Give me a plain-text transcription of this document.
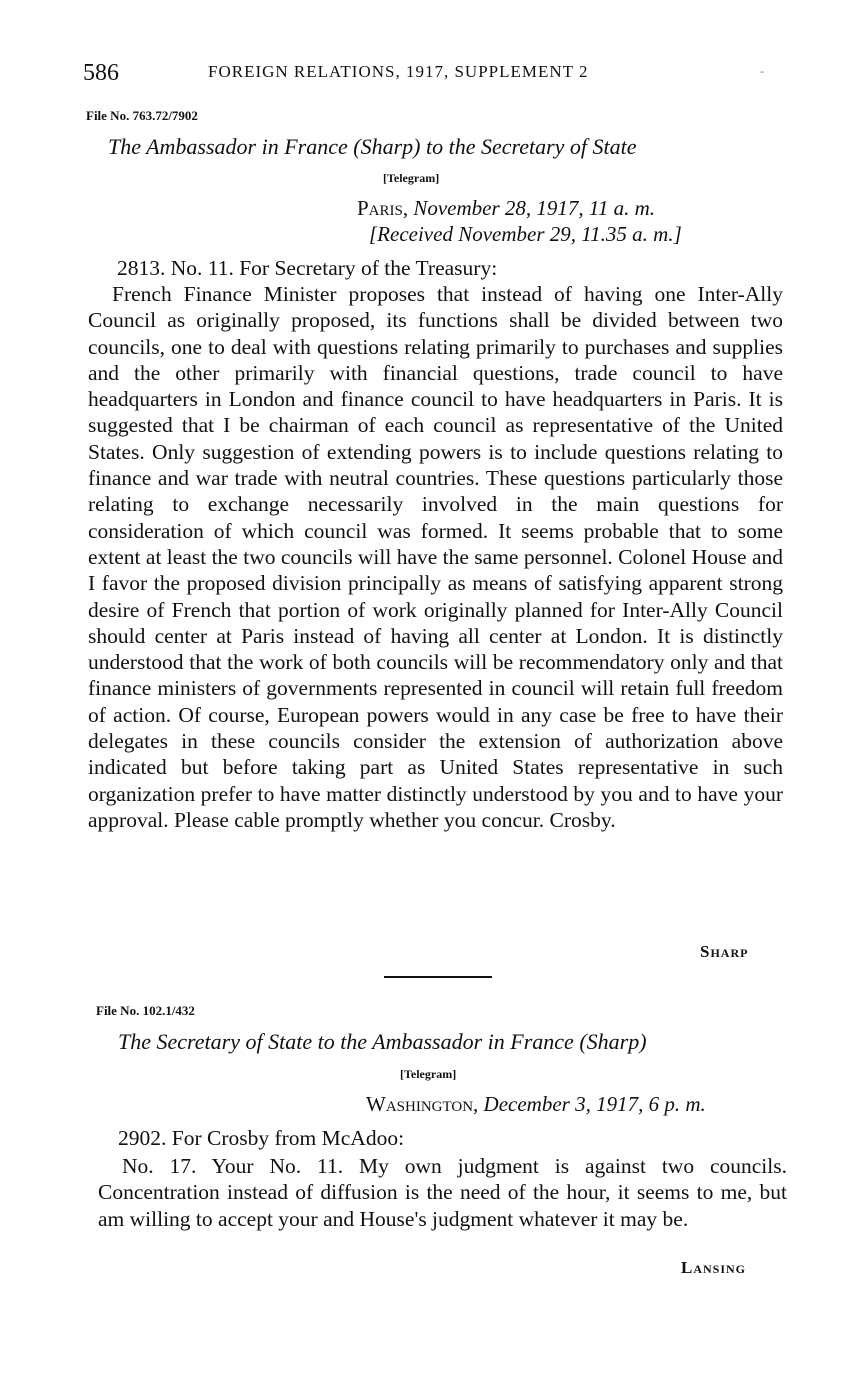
586	FOREIGN RELATIONS, 1917, SUPPLEMENT 2	-
File No. 763.72/7902
The Ambassador in France (Sharp) to the Secretary of State
[Telegram]
Paris, November 28, 1917, 11 a. m.
[Received November 29, 11.35 a. m.]
2813. No. 11. For Secretary of the Treasury:

French Finance Minister proposes that instead of having one Inter-Ally Council as originally proposed, its functions shall be divided between two councils, one to deal with questions relating primarily to purchases and supplies and the other primarily with financial questions, trade council to have headquarters in London and finance council to have headquarters in Paris. It is suggested that I be chairman of each council as representative of the United States. Only suggestion of extending powers is to include questions relating to finance and war trade with neutral countries. These questions particularly those relating to exchange necessarily involved in the main questions for consideration of which council was formed. It seems probable that to some extent at least the two councils will have the same personnel. Colonel House and I favor the proposed division principally as means of satisfying apparent strong desire of French that portion of work originally planned for Inter-Ally Council should center at Paris instead of having all center at London. It is distinctly understood that the work of both councils will be recommendatory only and that finance ministers of governments represented in council will retain full freedom of action. Of course, European powers would in any case be free to have their delegates in these councils consider the extension of authorization above indicated but before taking part as United States representative in such organization prefer to have matter distinctly understood by you and to have your approval. Please cable promptly whether you concur. Crosby.

Sharp
File No. 102.1/432
The Secretary of State to the Ambassador in France (Sharp)
[Telegram]
Washington, December 3, 1917, 6 p. m.
2902. For Crosby from McAdoo:

No. 17. Your No. 11. My own judgment is against two councils. Concentration instead of diffusion is the need of the hour, it seems to me, but am willing to accept your and House's judgment whatever it may be.

Lansing
